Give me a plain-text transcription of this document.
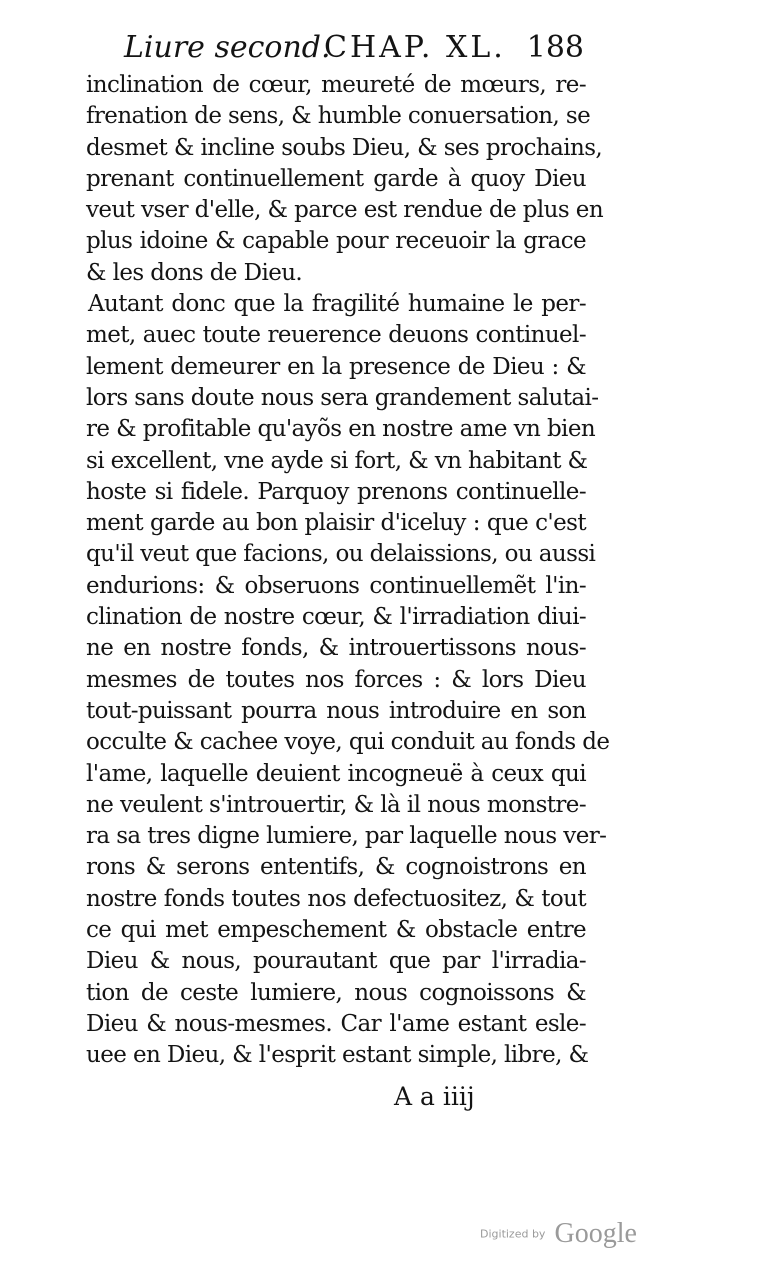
Liure second.
CHAP. XL. 188
inclination de cœur, meureté de mœurs, re-
frenation de sens, & humble conuersation, se
desmet & incline soubs Dieu, & ses prochains,
prenant continuellement garde à quoy Dieu
veut vser d'elle, & parce est rendue de plus en
plus idoine & capable pour receuoir la grace
& les dons de Dieu.
Autant donc que la fragilité humaine le per-
met, auec toute reuerence deuons continuel-
lement demeurer en la presence de Dieu : &
lors sans doute nous sera grandement salutai-
re & profitable qu'ayõs en nostre ame vn bien
si excellent, vne ayde si fort, & vn habitant &
hoste si fidele. Parquoy prenons continuelle-
ment garde au bon plaisir d'iceluy : que c'est
qu'il veut que facions, ou delaissions, ou aussi
endurions: & obseruons continuellemẽt l'in-
clination de nostre cœur, & l'irradiation diui-
ne en nostre fonds, & introuertissons nous-
mesmes de toutes nos forces : & lors Dieu
tout-puissant pourra nous introduire en son
occulte & cachee voye, qui conduit au fonds de
l'ame, laquelle deuient incogneuë à ceux qui
ne veulent s'introuertir, & là il nous monstre-
ra sa tres digne lumiere, par laquelle nous ver-
rons & serons ententifs, & cognoistrons en
nostre fonds toutes nos defectuositez, & tout
ce qui met empeschement & obstacle entre
Dieu & nous, pourautant que par l'irradia-
tion de ceste lumiere, nous cognoissons &
Dieu & nous-mesmes. Car l'ame estant esle-
uee en Dieu, & l'esprit estant simple, libre, &
A a iiij
Digitized by Google
